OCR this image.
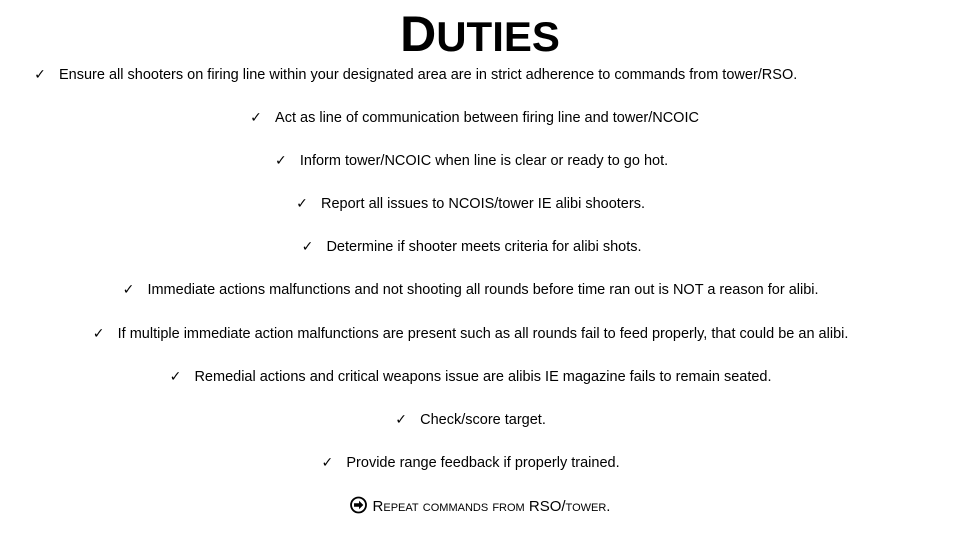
DUTIES
✓ Ensure all shooters on firing line within your designated area are in strict adherence to commands from tower/RSO.
✓ Act as line of communication between firing line and tower/NCOIC
✓ Inform tower/NCOIC when line is clear or ready to go hot.
✓ Report all issues to NCOIS/tower IE alibi shooters.
✓ Determine if shooter meets criteria for alibi shots.
✓ Immediate actions malfunctions and not shooting all rounds before time ran out is NOT a reason for alibi.
✓ If multiple immediate action malfunctions are present such as all rounds fail to feed properly, that could be an alibi.
✓ Remedial actions and critical weapons issue are alibis IE magazine fails to remain seated.
✓ Check/score target.
✓ Provide range feedback if properly trained.
Repeat commands from RSO/tower.
